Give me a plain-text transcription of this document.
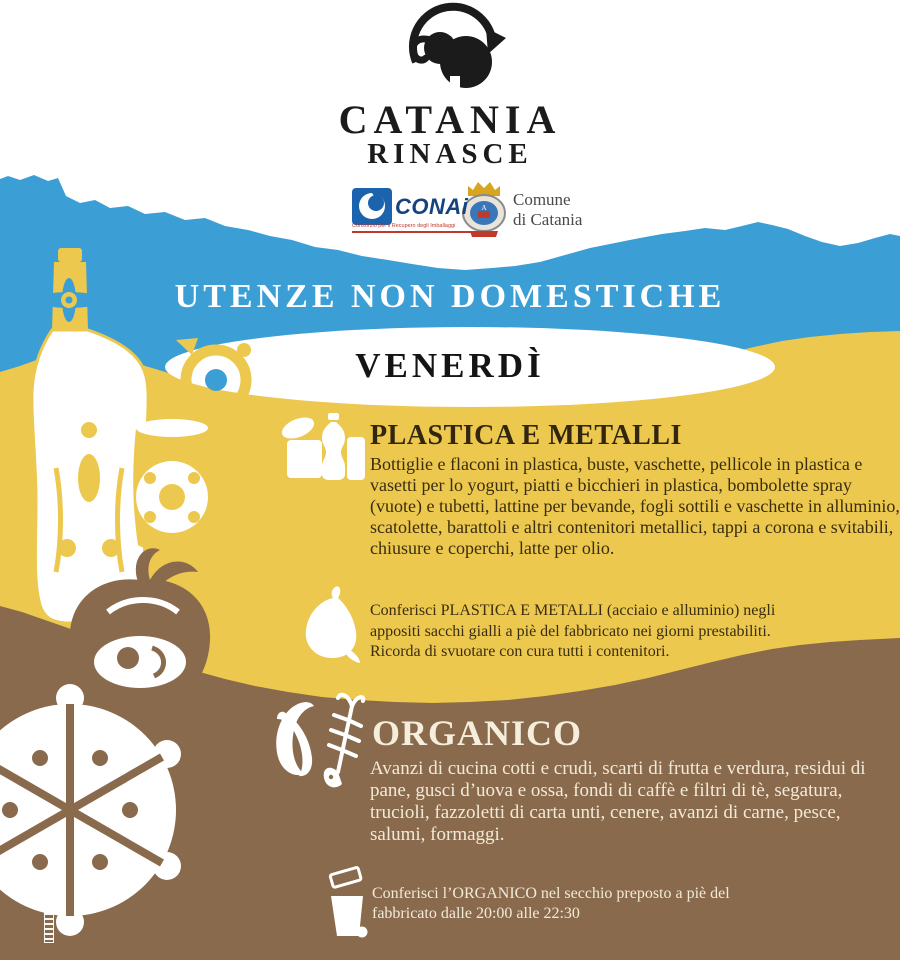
A
CATANIA
RINASCE
CONAi
Consorzio per il Recupero degli Imballaggi
Comune
di Catania
UTENZE NON DOMESTICHE
VENERDÌ
PLASTICA E METALLI
Bottiglie e flaconi in plastica, buste, vaschette, pellicole in plastica e vasetti per lo yogurt, piatti e bicchieri in plastica, bombolette spray (vuote) e tubetti, lattine per bevande, fogli sottili e vaschette in alluminio, scatolette, barattoli e altri contenitori metallici, tappi a corona e svitabili, chiusure e coperchi, latte per olio.
Conferisci PLASTICA E METALLI (acciaio e alluminio) negli appositi sacchi gialli a piè del fabbricato nei giorni prestabiliti. Ricorda di svuotare con cura tutti i contenitori.
ORGANICO
Avanzi di cucina cotti e crudi, scarti di frutta e verdura, residui di pane, gusci d’uova e ossa, fondi di caffè e filtri di tè, segatura, trucioli, fazzoletti di carta unti, cenere, avanzi di carne, pesce, salumi, formaggi.
Conferisci l’ORGANICO nel secchio preposto a piè del fabbricato dalle 20:00 alle 22:30
